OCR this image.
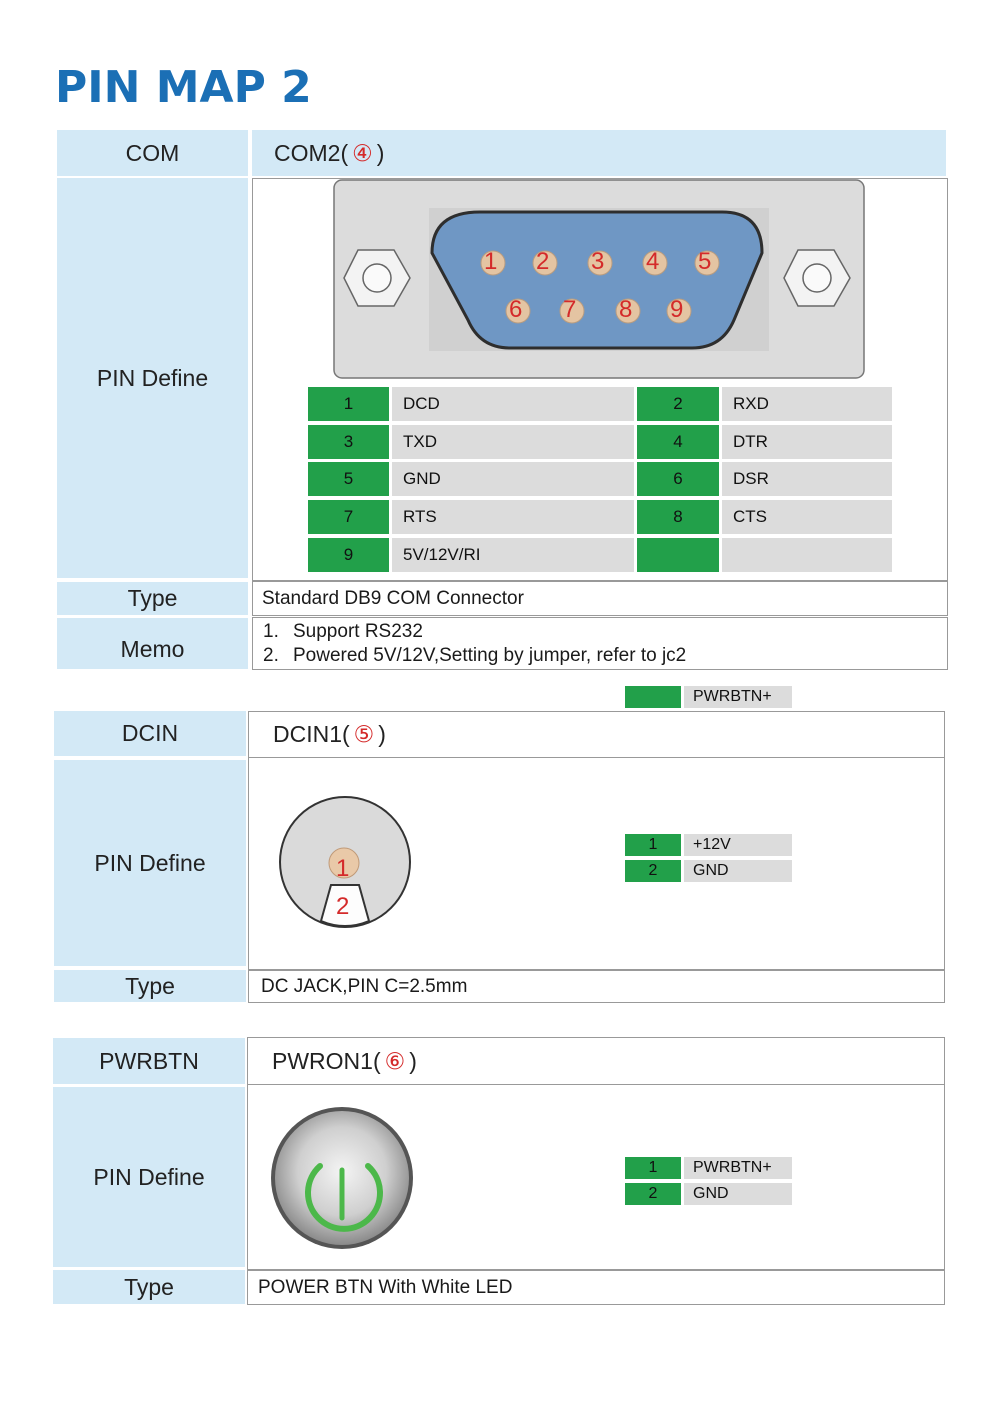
PIN MAP 2
COM	COM2( ④ )
PIN Define
1 2 3 4 5
6 7 8 9
1	DCD	2	RXD
3	TXD	4	DTR
5	GND	6	DSR
7	RTS	8	CTS
9	5V/12V/RI
Type	Standard DB9 COM Connector
Memo
1. Support RS232
2. Powered 5V/12V,Setting by jumper, refer to jc2
PWRBTN+
DCIN	DCIN1( ⑤ )
PIN Define	1
2
1	+12V
2	GND
Type	DC JACK,PIN C=2.5mm
PWRBTN	PWRON1( ⑥ )
PIN Define	1	PWRBTN+
2	GND
Type	POWER BTN With White LED
